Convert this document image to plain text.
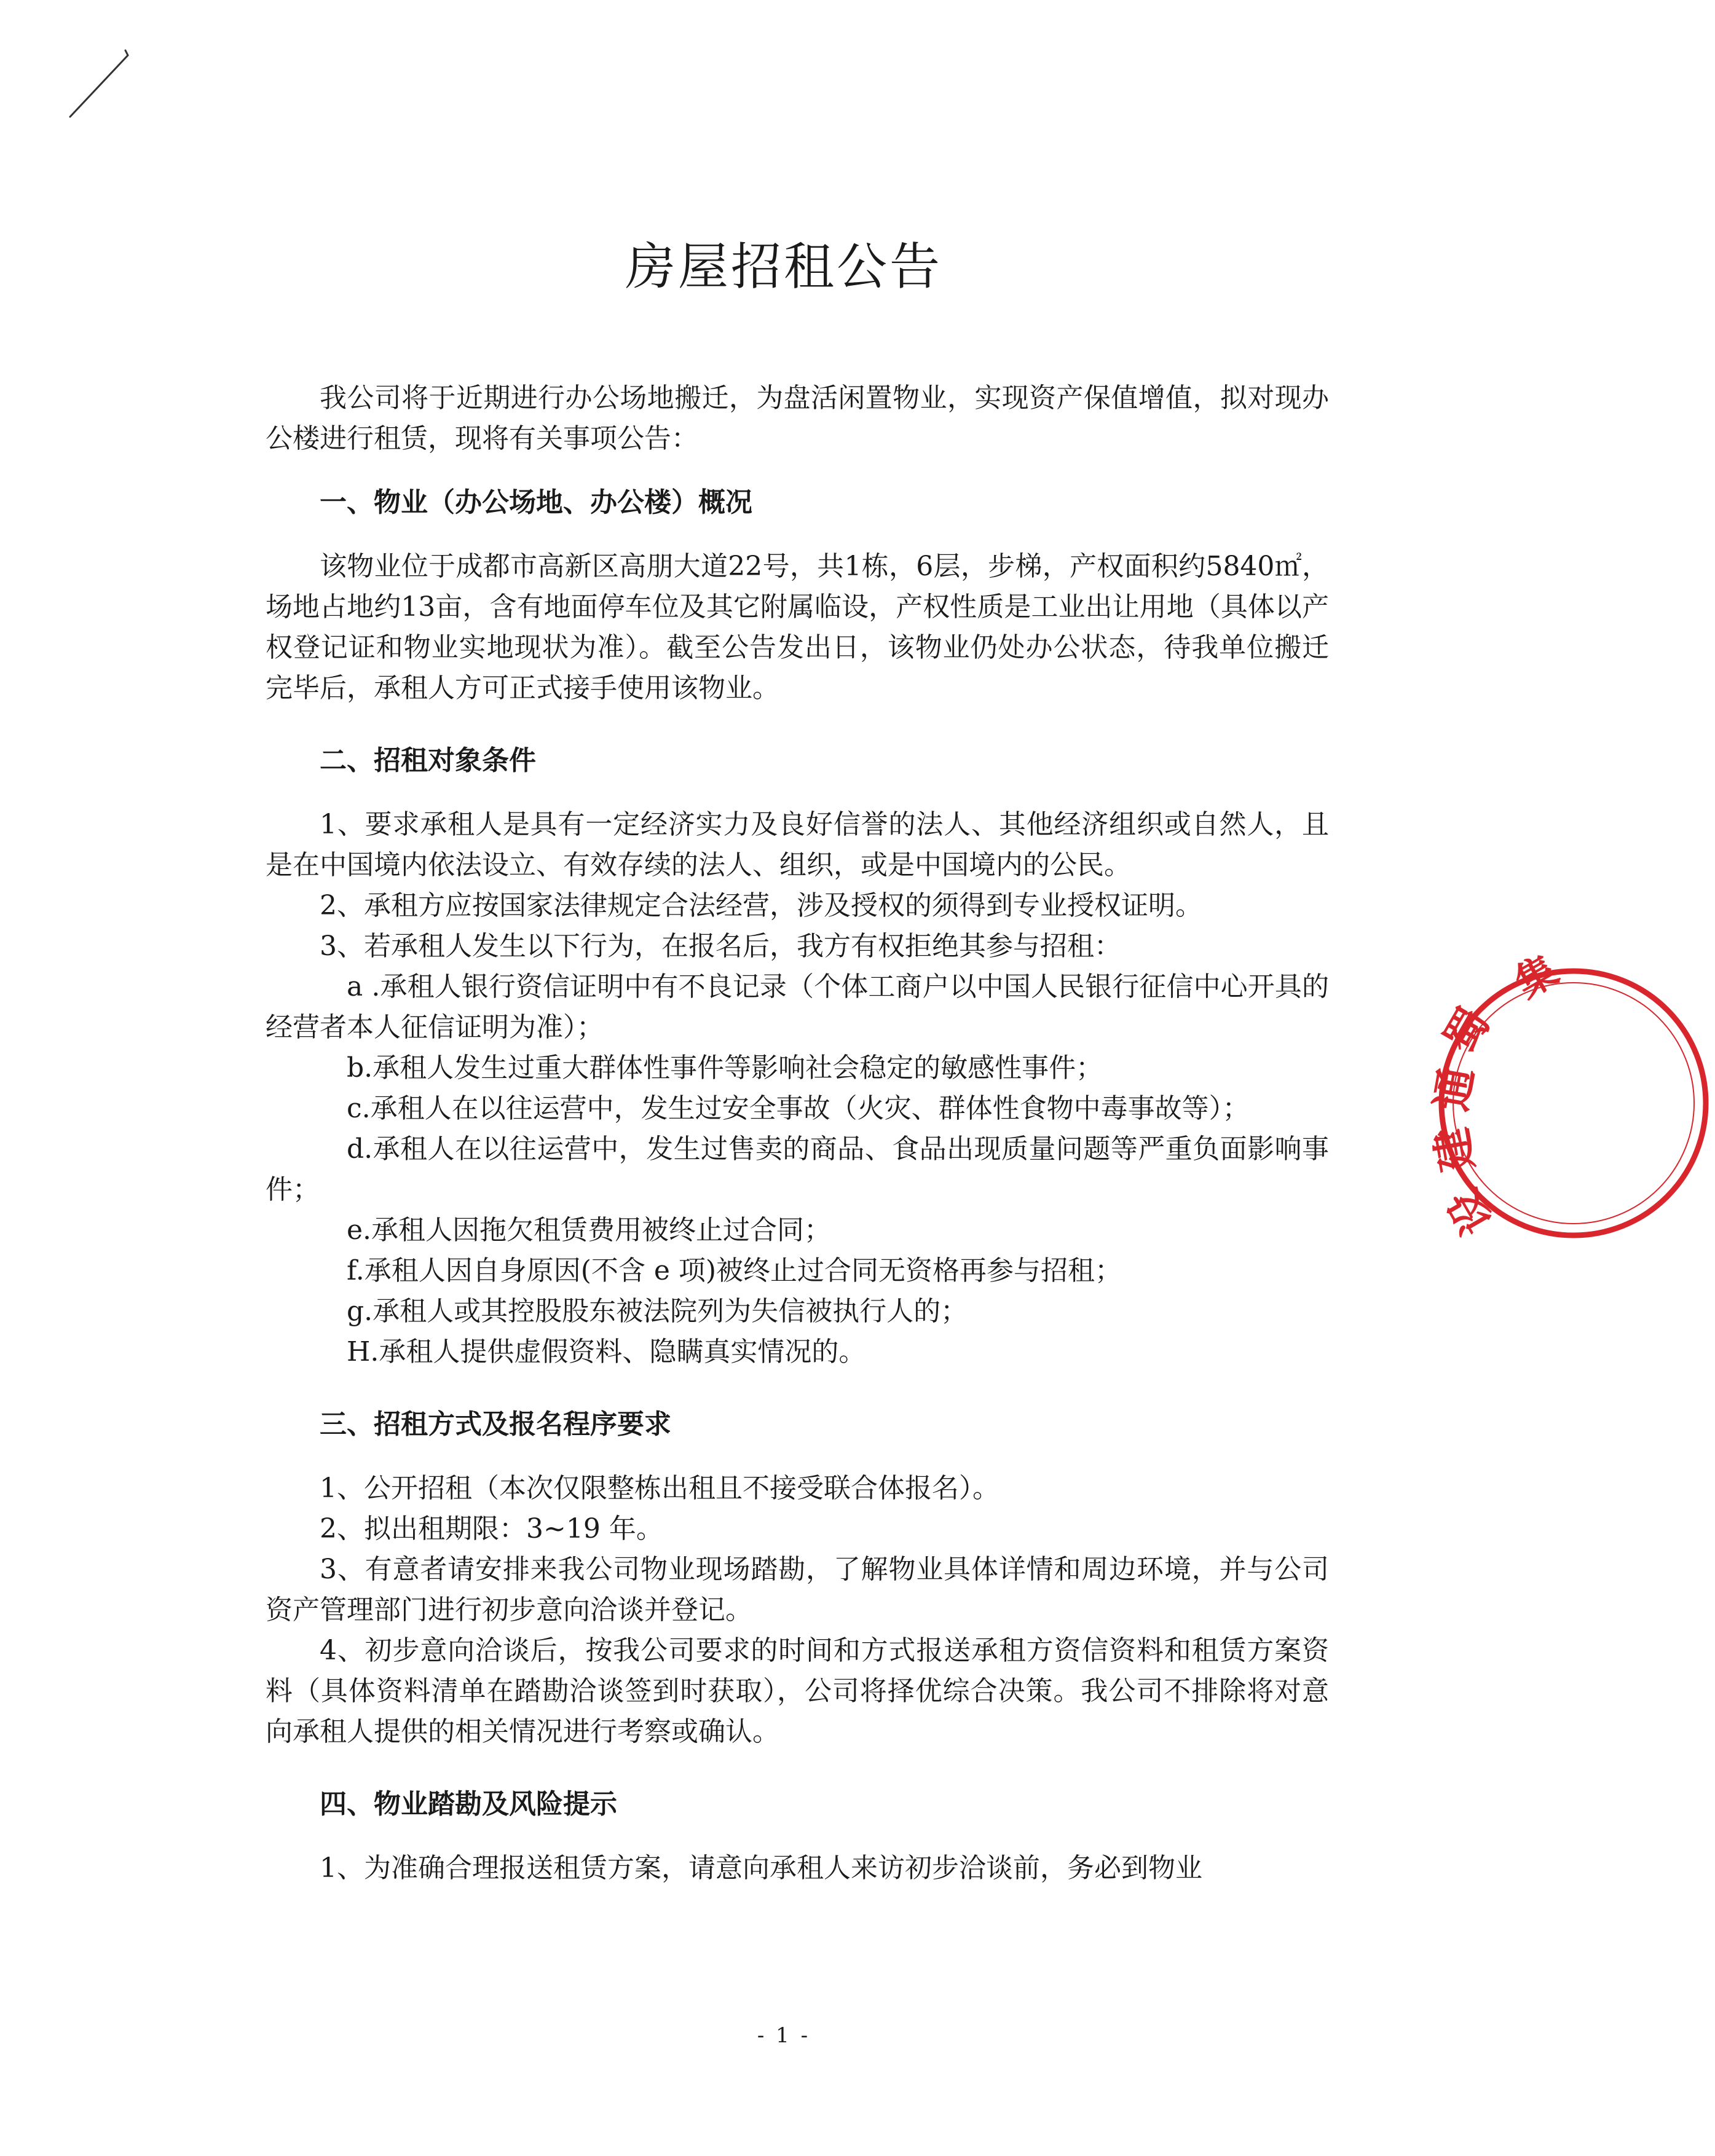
房屋招租公告

我公司将于近期进行办公场地搬迁，为盘活闲置物业，实现资产保值增值，拟对现办公楼进行租赁，现将有关事项公告：

一、物业（办公场地、办公楼）概况

该物业位于成都市高新区高朋大道22号，共1栋，6层，步梯，产权面积约5840㎡，场地占地约13亩，含有地面停车位及其它附属临设，产权性质是工业出让用地（具体以产权登记证和物业实地现状为准）。截至公告发出日，该物业仍处办公状态，待我单位搬迁完毕后，承租人方可正式接手使用该物业。

二、招租对象条件

1、要求承租人是具有一定经济实力及良好信誉的法人、其他经济组织或自然人，且是在中国境内依法设立、有效存续的法人、组织，或是中国境内的公民。

2、承租方应按国家法律规定合法经营，涉及授权的须得到专业授权证明。

3、若承租人发生以下行为，在报名后，我方有权拒绝其参与招租：

a .承租人银行资信证明中有不良记录（个体工商户以中国人民银行征信中心开具的经营者本人征信证明为准）；

b.承租人发生过重大群体性事件等影响社会稳定的敏感性事件；

c.承租人在以往运营中，发生过安全事故（火灾、群体性食物中毒事故等）；

d.承租人在以往运营中，发生过售卖的商品、食品出现质量问题等严重负面影响事件；

e.承租人因拖欠租赁费用被终止过合同；

f.承租人因自身原因(不含 e 项)被终止过合同无资格再参与招租；

g.承租人或其控股股东被法院列为失信被执行人的；

H.承租人提供虚假资料、隐瞒真实情况的。

三、招租方式及报名程序要求

1、公开招租（本次仅限整栋出租且不接受联合体报名）。

2、拟出租期限：3~19 年。

3、有意者请安排来我公司物业现场踏勘，了解物业具体详情和周边环境，并与公司资产管理部门进行初步意向洽谈并登记。

4、初步意向洽谈后，按我公司要求的时间和方式报送承租方资信资料和租赁方案资料（具体资料清单在踏勘洽谈签到时获取），公司将择优综合决策。我公司不排除将对意向承租人提供的相关情况进行考察或确认。

四、物业踏勘及风险提示

1、为准确合理报送租赁方案，请意向承租人来访初步洽谈前，务必到物业

蜀
通
建
设
集
- 1 -
